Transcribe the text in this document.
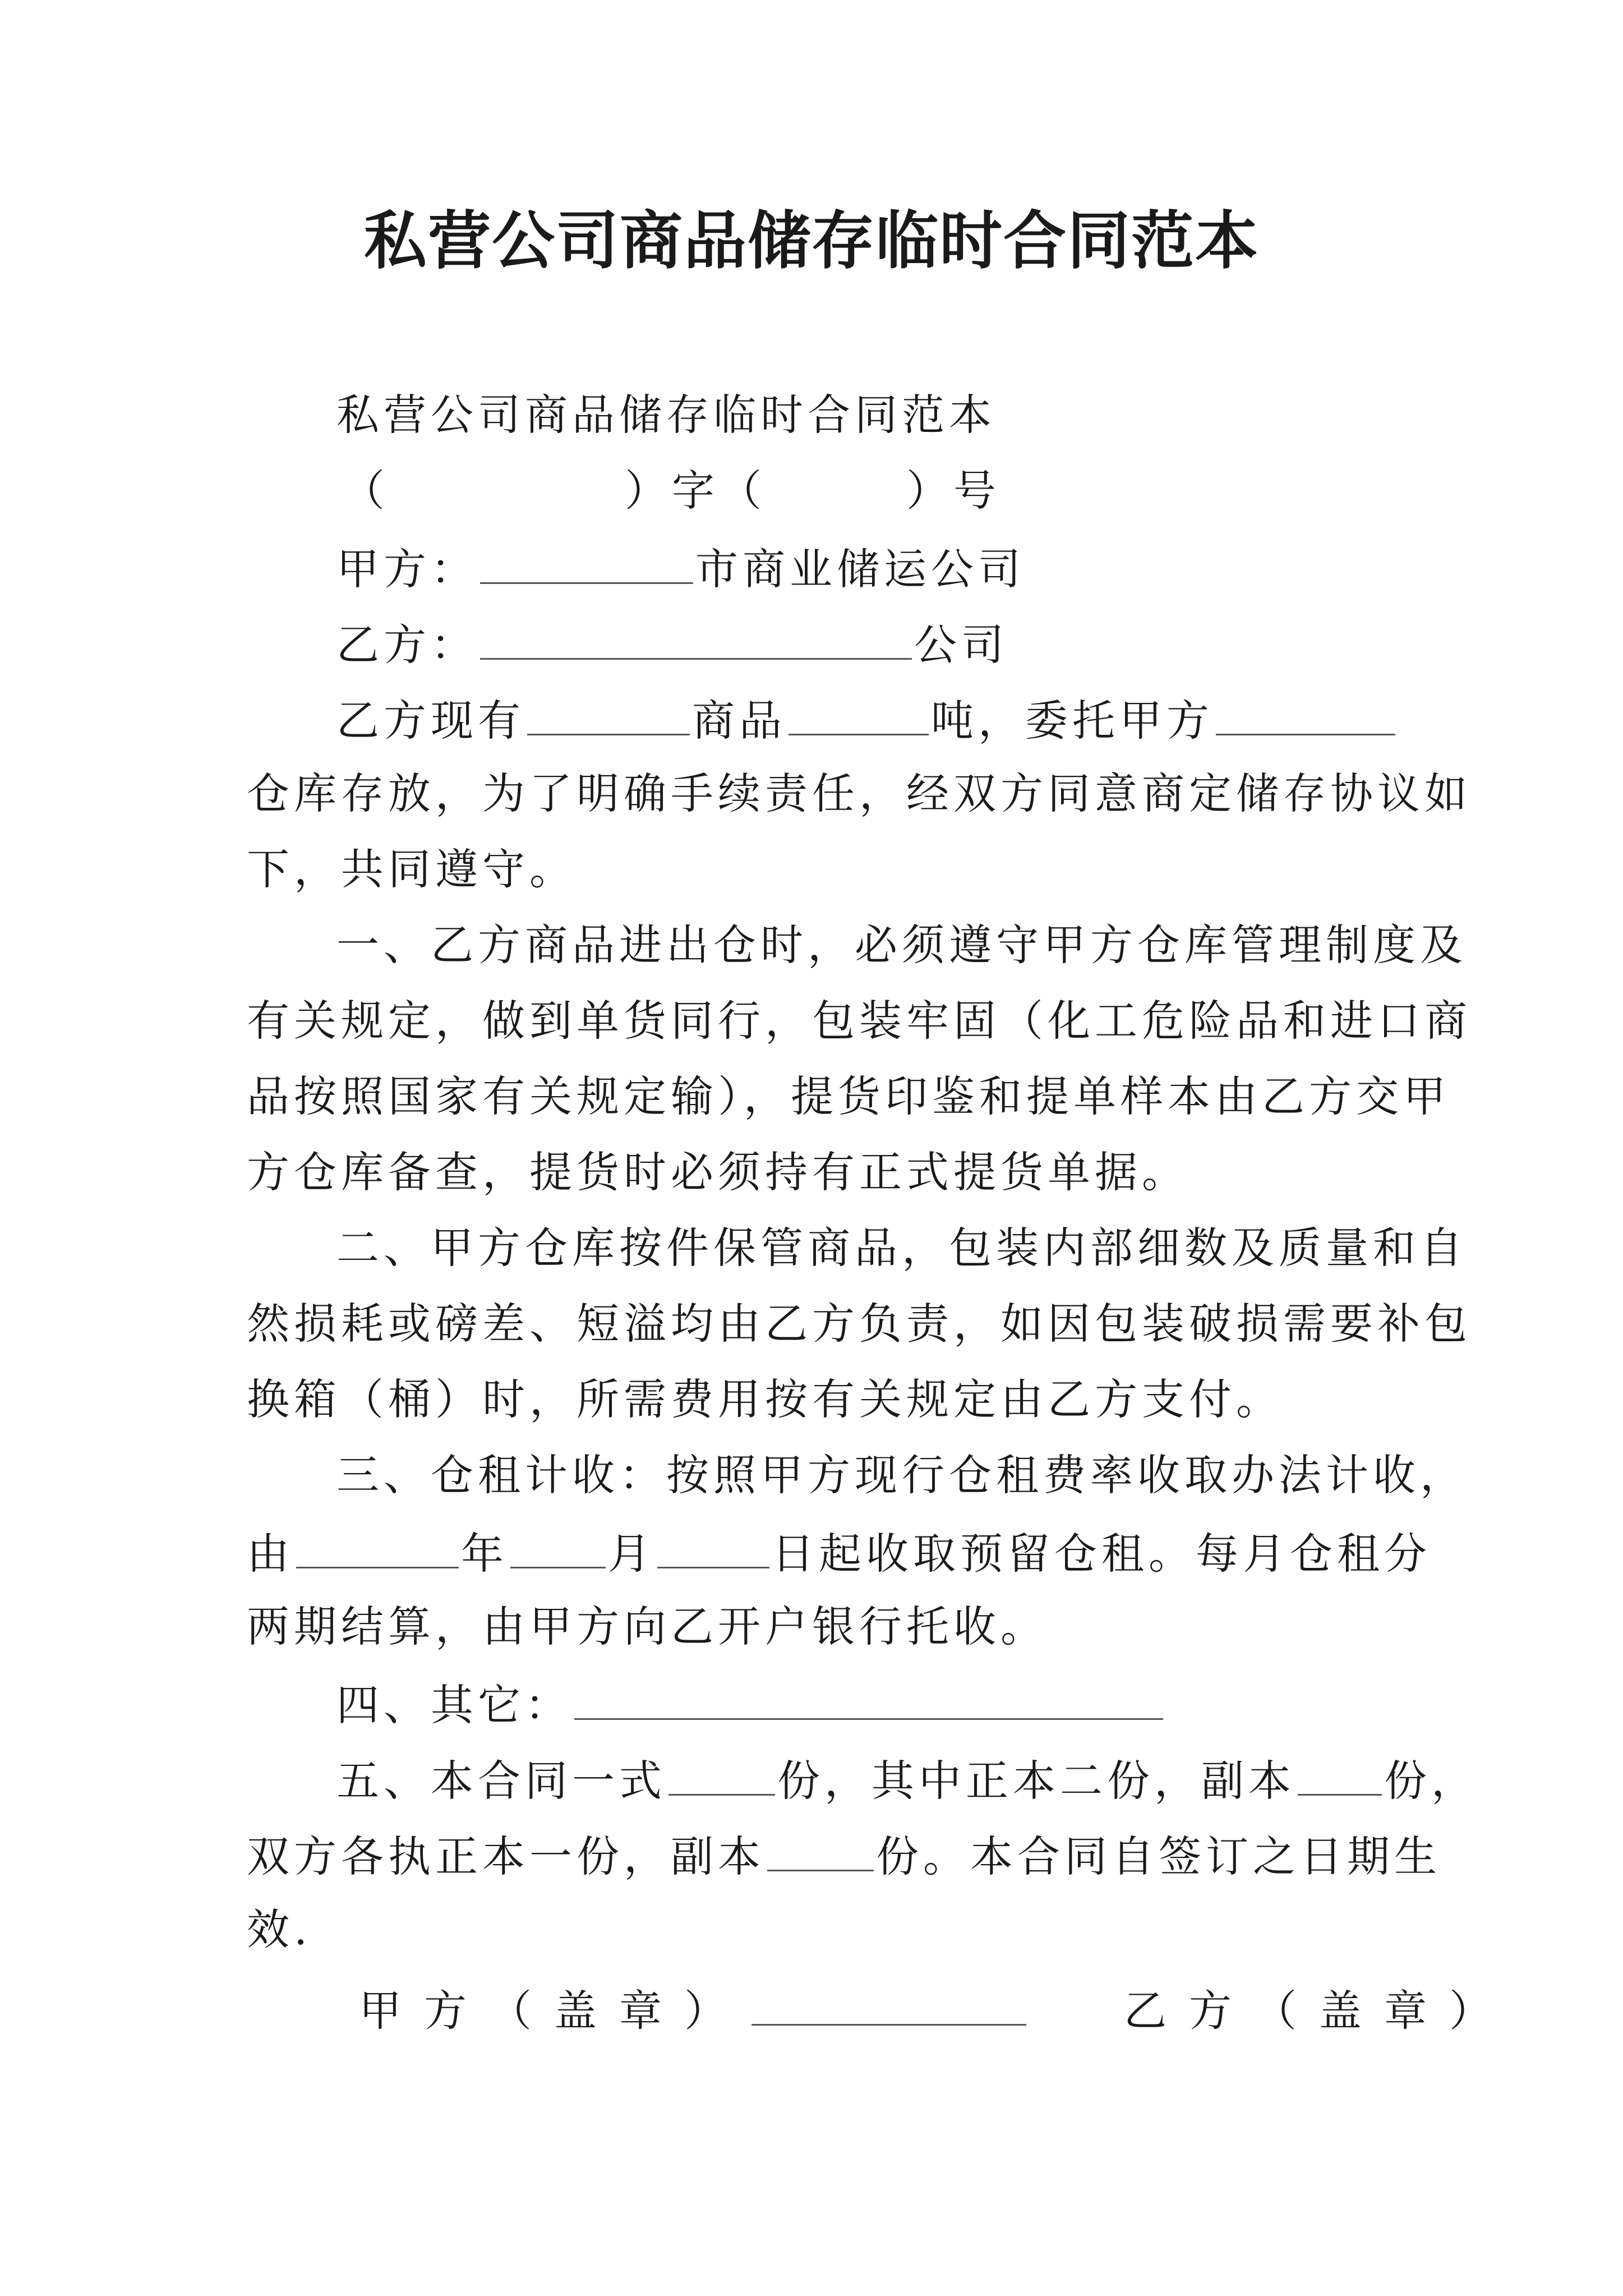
私营公司商品储存临时合同范本
私营公司商品储存临时合同范本
（	）字（	）号
甲方：	市商业储运公司
乙方：	公司
乙方现有	商品	吨，委托甲方
仓库存放，为了明确手续责任，经双方同意商定储存协议如
下，共同遵守。
一、乙方商品进出仓时，必须遵守甲方仓库管理制度及
有关规定，做到单货同行，包装牢固（化工危险品和进口商
品按照国家有关规定输），提货印鉴和提单样本由乙方交甲
方仓库备查，提货时必须持有正式提货单据。
二、甲方仓库按件保管商品，包装内部细数及质量和自
然损耗或磅差、短溢均由乙方负责，如因包装破损需要补包
换箱（桶）时，所需费用按有关规定由乙方支付。
三、仓租计收：按照甲方现行仓租费率收取办法计收，
由	年 月	日起收取预留仓租。每月仓租分
两期结算，由甲方向乙开户银行托收。
四、其它：
五、本合同一式	份，其中正本二份，副本 份，
双方各执正本一份，副本	份。本合同自签订之日期生
效.
甲方（盖章）	乙方（盖章）
